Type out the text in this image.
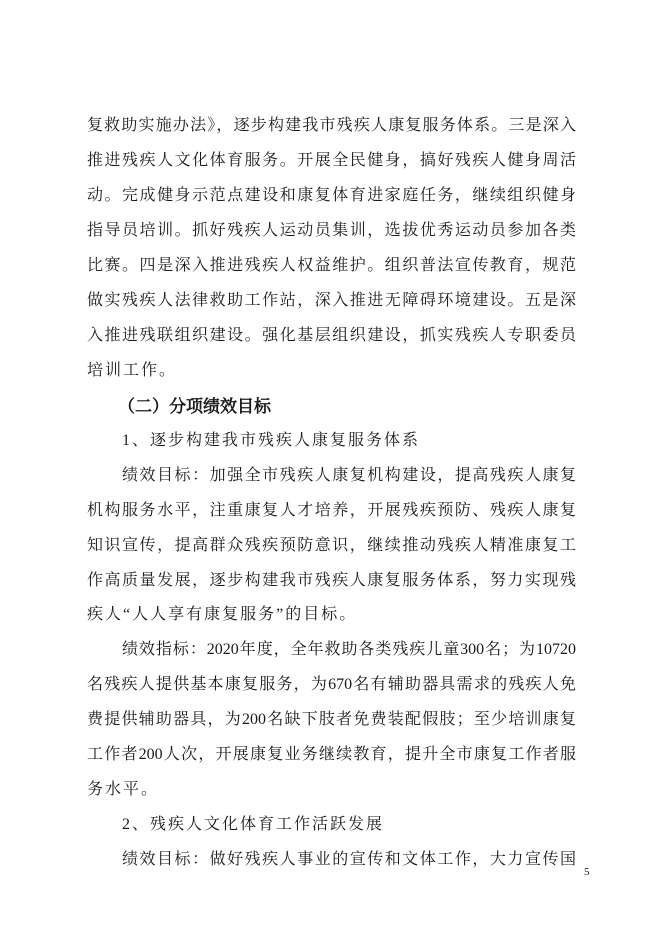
复救助实施办法》，逐步构建我市残疾人康复服务体系。三是深入
推进残疾人文化体育服务。开展全民健身，搞好残疾人健身周活
动。完成健身示范点建设和康复体育进家庭任务，继续组织健身
指导员培训。抓好残疾人运动员集训，选拔优秀运动员参加各类
比赛。四是深入推进残疾人权益维护。组织普法宣传教育，规范
做实残疾人法律救助工作站，深入推进无障碍环境建设。五是深
入推进残联组织建设。强化基层组织建设，抓实残疾人专职委员
培训工作。
（二）分项绩效目标
1、逐步构建我市残疾人康复服务体系
绩效目标：加强全市残疾人康复机构建设，提高残疾人康复
机构服务水平，注重康复人才培养，开展残疾预防、残疾人康复
知识宣传，提高群众残疾预防意识，继续推动残疾人精准康复工
作高质量发展，逐步构建我市残疾人康复服务体系，努力实现残
疾人“人人享有康复服务”的目标。
绩效指标：2020年度，全年救助各类残疾儿童300名；为10720
名残疾人提供基本康复服务，为670名有辅助器具需求的残疾人免
费提供辅助器具，为200名缺下肢者免费装配假肢；至少培训康复
工作者200人次，开展康复业务继续教育，提升全市康复工作者服
务水平。
2、残疾人文化体育工作活跃发展
绩效目标：做好残疾人事业的宣传和文体工作，大力宣传国
5
